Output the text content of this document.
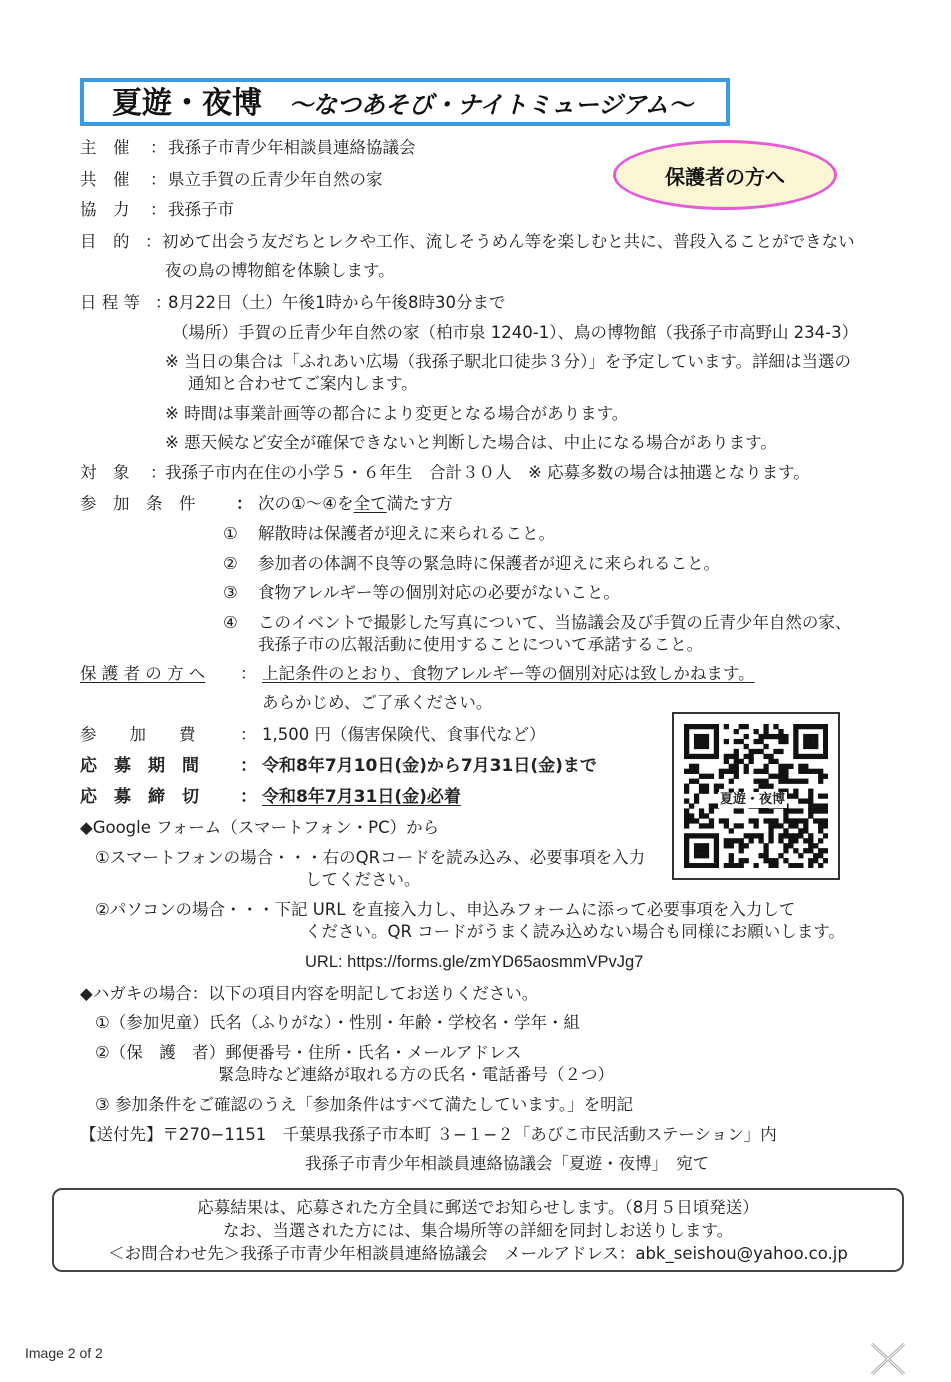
夏遊・夜博 ～なつあそび・ナイトミュージアム～
保護者の方へ
主　催 ： 我孫子市青少年相談員連絡協議会
共　催 ： 県立手賀の丘青少年自然の家
協　力 ： 我孫子市
目　的 ： 初めて出会う友だちとレクや工作、流しそうめん等を楽しむと共に、普段入ることができない
夜の鳥の博物館を体験します。
日 程 等 ：
8月22日（土）午後1時から午後8時30分まで
（場所）手賀の丘青少年自然の家（柏市泉 1240-1）、鳥の博物館（我孫子市高野山 234-3）
※ 当日の集合は「ふれあい広場（我孫子駅北口徒歩３分）」を予定しています。詳細は当選の
通知と合わせてご案内します。
※ 時間は事業計画等の都合により変更となる場合があります。
※ 悪天候など安全が確保できないと判断した場合は、中止になる場合があります。
対　象 ：
我孫子市内在住の小学５・６年生　合計３０人　※ 応募多数の場合は抽選となります。
参　加　条　件 ： 次の①～④を全て満たす方
① 解散時は保護者が迎えに来られること。
② 参加者の体調不良等の緊急時に保護者が迎えに来られること。
③ 食物アレルギー等の個別対応の必要がないこと。
④ このイベントで撮影した写真について、当協議会及び手賀の丘青少年自然の家、
我孫子市の広報活動に使用することについて承諾すること。
保 護 者 の 方 へ ： 上記条件のとおり、食物アレルギー等の個別対応は致しかねます。
あらかじめ、ご了承ください。
参　　加　　費	： 1,500 円（傷害保険代、食事代など）
応　募　期　間 ： 令和8年7月10日(金)から7月31日(金)まで
応　募　締　切 ： 令和8年7月31日(金)必着	夏遊・夜博
◆Google フォーム（スマートフォン・PC）から
①スマートフォンの場合・・・右のQRコードを読み込み、必要事項を入力
してください。
②パソコンの場合・・・下記 URL を直接入力し、申込みフォームに添って必要事項を入力して
ください。QR コードがうまく読み込めない場合も同様にお願いします。
URL: https://forms.gle/zmYD65aosmmVPvJg7
◆ハガキの場合：以下の項目内容を明記してお送りください。
①（参加児童）氏名（ふりがな）・性別・年齢・学校名・学年・組
②（保　護　者）郵便番号・住所・氏名・メールアドレス
緊急時など連絡が取れる方の氏名・電話番号（２つ）
③ 参加条件をご確認のうえ「参加条件はすべて満たしています。」を明記
【送付先】〒270−1151　千葉県我孫子市本町 ３−１−２「あびこ市民活動ステーション」内
我孫子市青少年相談員連絡協議会「夏遊・夜博」　宛て
応募結果は、応募された方全員に郵送でお知らせします。（8月５日頃発送）
なお、当選された方には、集合場所等の詳細を同封しお送りします。
＜お問合わせ先＞我孫子市青少年相談員連絡協議会　メールアドレス：abk_seishou@yahoo.co.jp
Image 2 of 2
